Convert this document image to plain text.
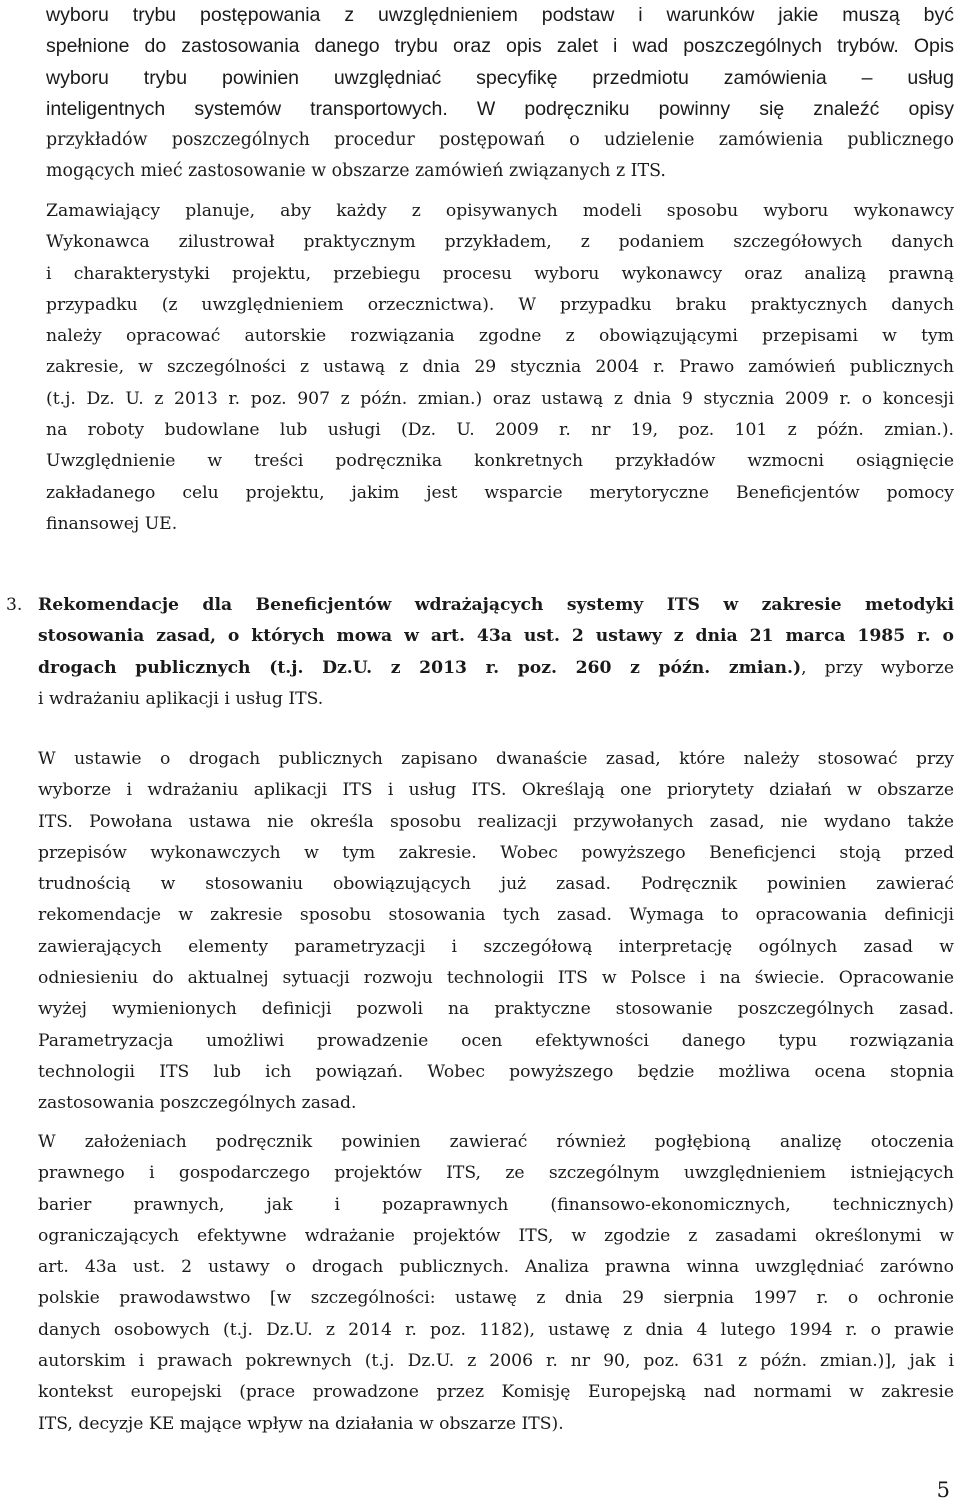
wyboru trybu postępowania z uwzględnieniem podstaw i warunków jakie muszą być
spełnione do zastosowania danego trybu oraz opis zalet i wad poszczególnych trybów. Opis
wyboru trybu powinien uwzględniać specyfikę przedmiotu zamówienia – usług
inteligentnych systemów transportowych. W podręczniku powinny się znaleźć opisy
przykładów poszczególnych procedur postępowań o udzielenie zamówienia publicznego
mogących mieć zastosowanie w obszarze zamówień związanych z ITS.
Zamawiający planuje, aby każdy z opisywanych modeli sposobu wyboru wykonawcy
Wykonawca zilustrował praktycznym przykładem, z podaniem szczegółowych danych
i charakterystyki projektu, przebiegu procesu wyboru wykonawcy oraz analizą prawną
przypadku (z uwzględnieniem orzecznictwa). W przypadku braku praktycznych danych
należy opracować autorskie rozwiązania zgodne z obowiązującymi przepisami w tym
zakresie, w szczególności z ustawą z dnia 29 stycznia 2004 r. Prawo zamówień publicznych
(t.j. Dz. U. z 2013 r. poz. 907 z późn. zmian.) oraz ustawą z dnia 9 stycznia 2009 r. o koncesji
na roboty budowlane lub usługi (Dz. U. 2009 r. nr 19, poz. 101 z późn. zmian.).
Uwzględnienie w treści podręcznika konkretnych przykładów wzmocni osiągnięcie
zakładanego celu projektu, jakim jest wsparcie merytoryczne Beneficjentów pomocy
finansowej UE.
3. Rekomendacje dla Beneficjentów wdrażających systemy ITS w zakresie metodyki
stosowania zasad, o których mowa w art. 43a ust. 2 ustawy z dnia 21 marca 1985 r. o
drogach publicznych (t.j. Dz.U. z 2013 r. poz. 260 z późn. zmian.), przy wyborze
i wdrażaniu aplikacji i usług ITS.
W ustawie o drogach publicznych zapisano dwanaście zasad, które należy stosować przy
wyborze i wdrażaniu aplikacji ITS i usług ITS. Określają one priorytety działań w obszarze
ITS. Powołana ustawa nie określa sposobu realizacji przywołanych zasad, nie wydano także
przepisów wykonawczych w tym zakresie. Wobec powyższego Beneficjenci stoją przed
trudnością w stosowaniu obowiązujących już zasad. Podręcznik powinien zawierać
rekomendacje w zakresie sposobu stosowania tych zasad. Wymaga to opracowania definicji
zawierających elementy parametryzacji i szczegółową interpretację ogólnych zasad w
odniesieniu do aktualnej sytuacji rozwoju technologii ITS w Polsce i na świecie. Opracowanie
wyżej wymienionych definicji pozwoli na praktyczne stosowanie poszczególnych zasad.
Parametryzacja umożliwi prowadzenie ocen efektywności danego typu rozwiązania
technologii ITS lub ich powiązań. Wobec powyższego będzie możliwa ocena stopnia
zastosowania poszczególnych zasad.
W założeniach podręcznik powinien zawierać również pogłębioną analizę otoczenia
prawnego i gospodarczego projektów ITS, ze szczególnym uwzględnieniem istniejących
barier prawnych, jak i pozaprawnych (finansowo-ekonomicznych, technicznych)
ograniczających efektywne wdrażanie projektów ITS, w zgodzie z zasadami określonymi w
art. 43a ust. 2 ustawy o drogach publicznych. Analiza prawna winna uwzględniać zarówno
polskie prawodawstwo [w szczególności: ustawę z dnia 29 sierpnia 1997 r. o ochronie
danych osobowych (t.j. Dz.U. z 2014 r. poz. 1182), ustawę z dnia 4 lutego 1994 r. o prawie
autorskim i prawach pokrewnych (t.j. Dz.U. z 2006 r. nr 90, poz. 631 z późn. zmian.)], jak i
kontekst europejski (prace prowadzone przez Komisję Europejską nad normami w zakresie
ITS, decyzje KE mające wpływ na działania w obszarze ITS).
5
